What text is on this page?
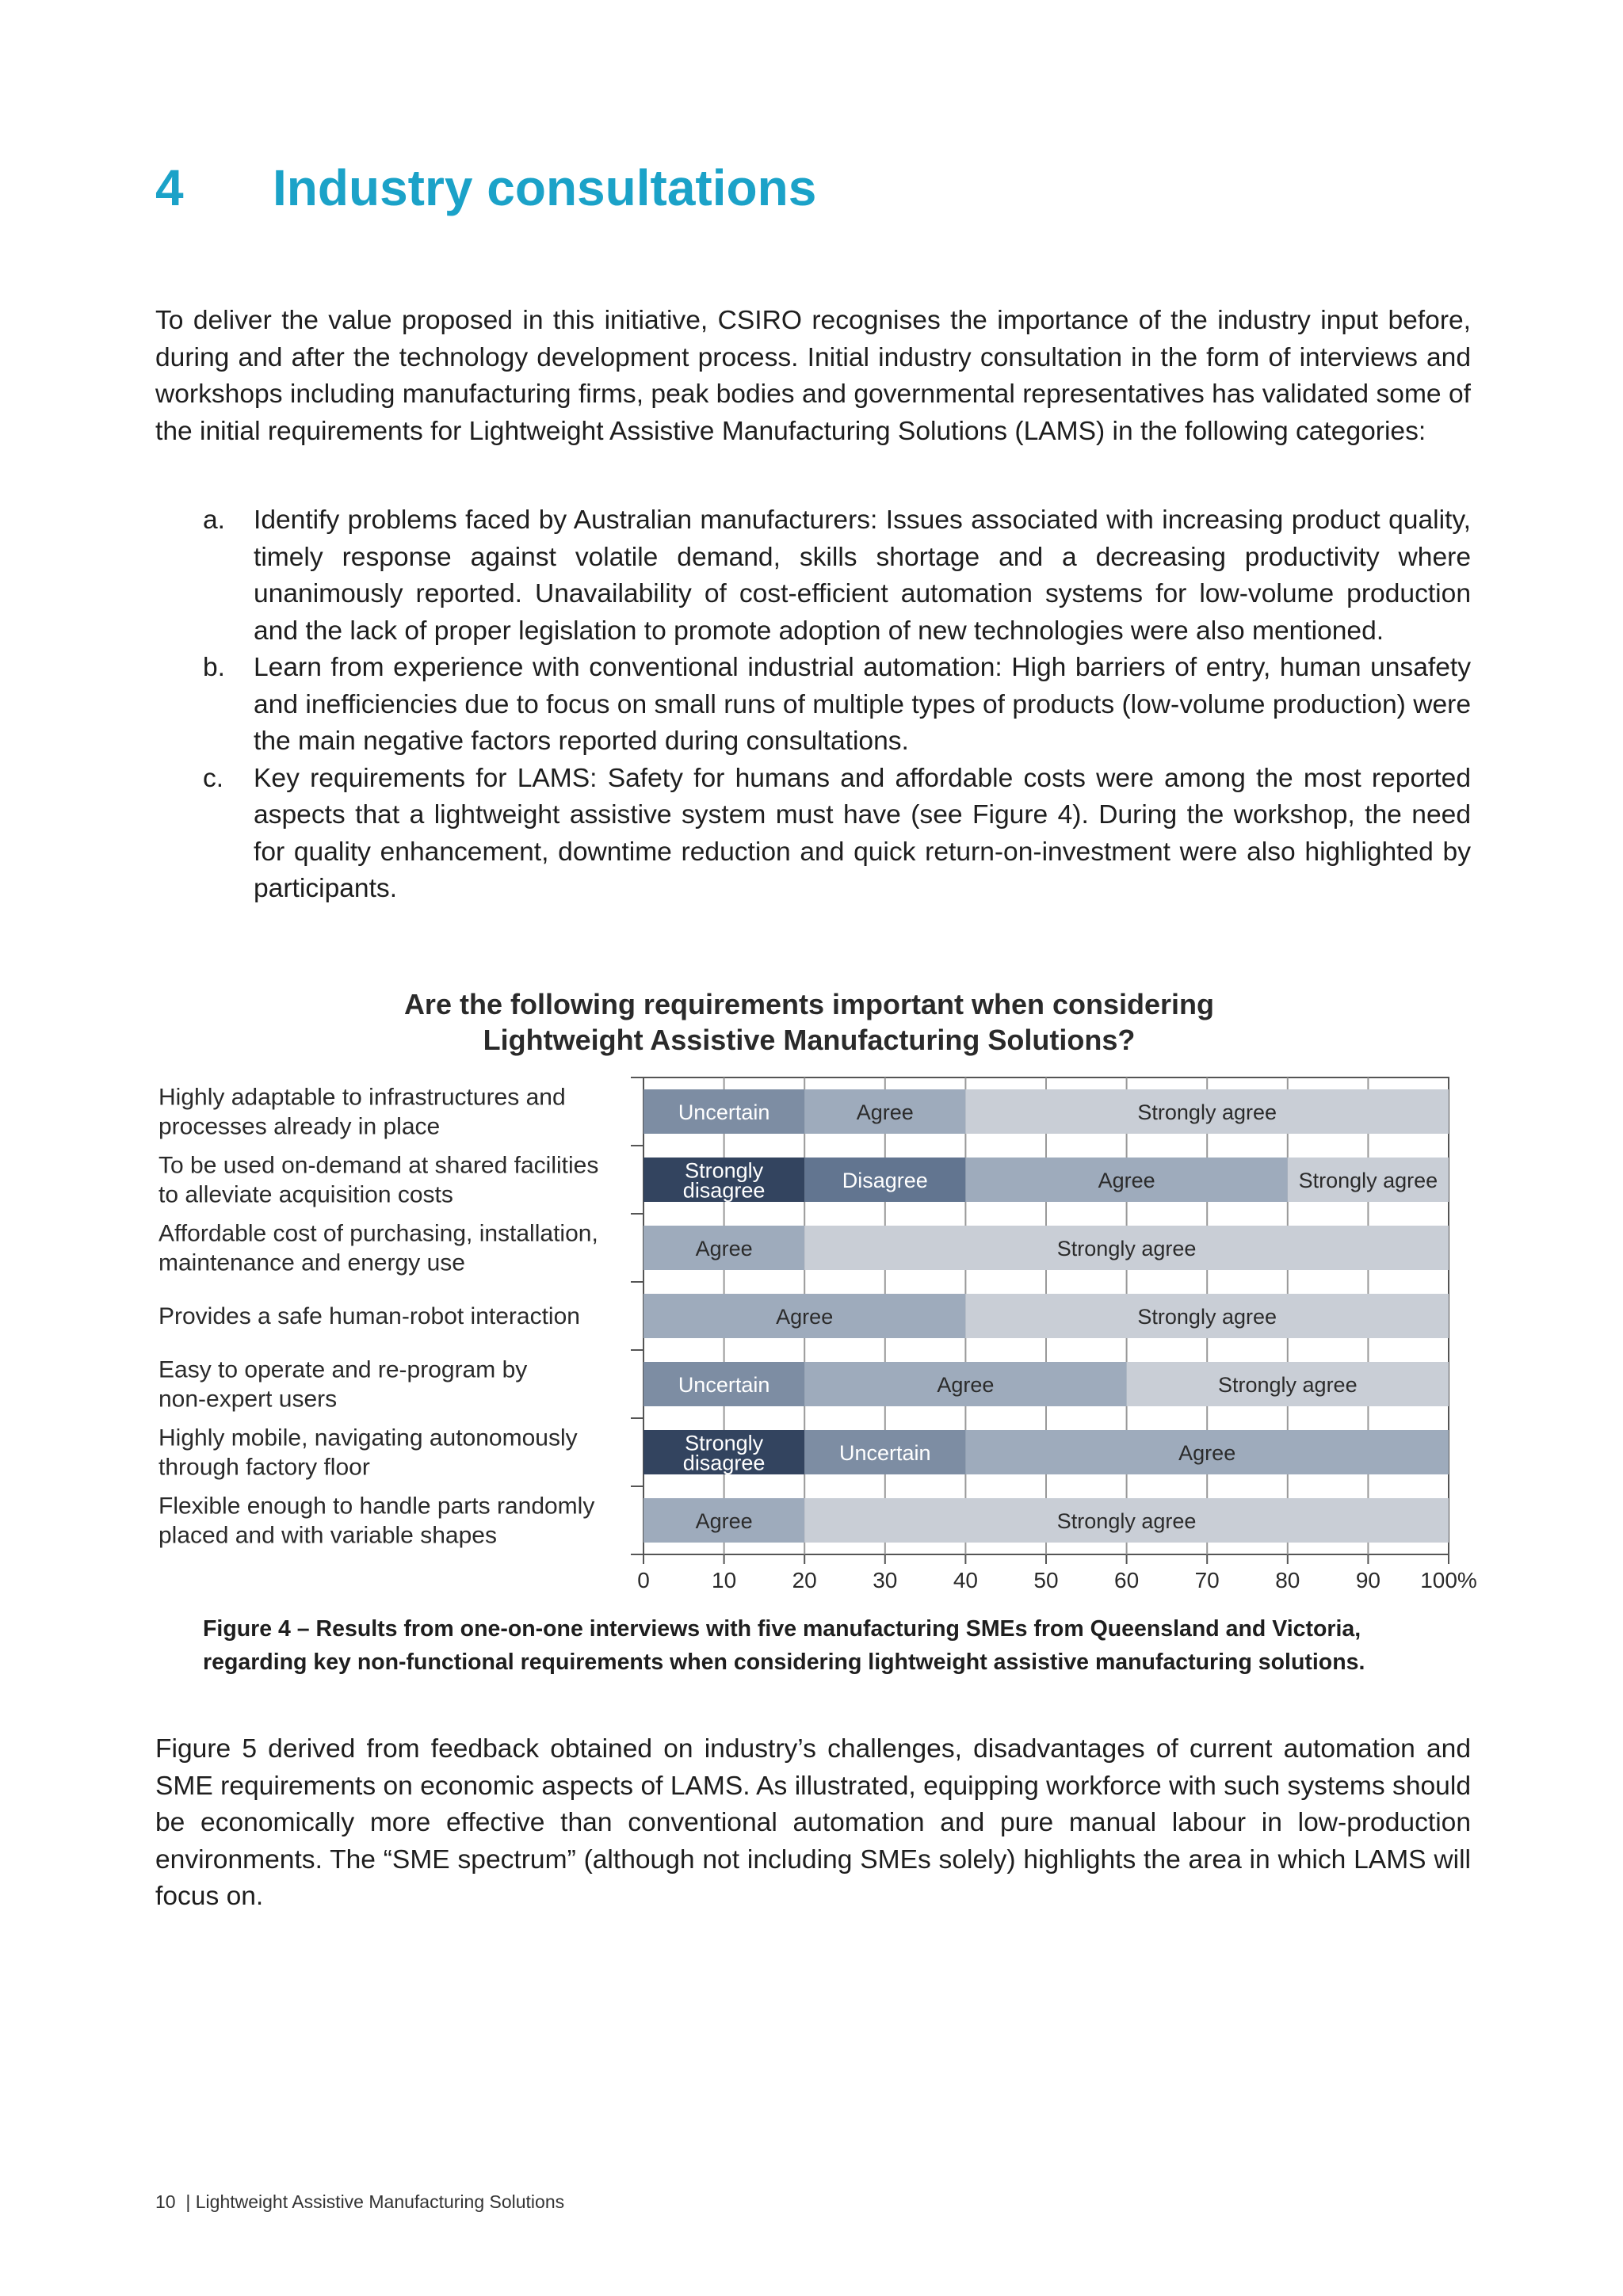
4	Industry consultations

To deliver the value proposed in this initiative, CSIRO recognises the importance of the industry input before, during and after the technology development process. Initial industry consultation in the form of interviews and workshops including manufacturing firms, peak bodies and governmental representatives has validated some of the initial requirements for Lightweight Assistive Manufacturing Solutions (LAMS) in the following categories:

a.	Identify problems faced by Australian manufacturers: Issues associated with increasing product quality, timely response against volatile demand, skills shortage and a decreasing productivity where unanimously reported. Unavailability of cost-efficient automation systems for low-volume production and the lack of proper legislation to promote adoption of new technologies were also mentioned.
b.	Learn from experience with conventional industrial automation: High barriers of entry, human unsafety and inefficiencies due to focus on small runs of multiple types of products (low-volume production) were the main negative factors reported during consultations.
c.	Key requirements for LAMS: Safety for humans and affordable costs were among the most reported aspects that a lightweight assistive system must have (see Figure 4). During the workshop, the need for quality enhancement, downtime reduction and quick return-on-investment were also highlighted by participants.
Are the following requirements important when considering
Lightweight Assistive Manufacturing Solutions?
Uncertain	Agree	Strongly agree
Strongly disagree	Disagree	Agree	Strongly agree
Agree	Strongly agree
Agree	Strongly agree
Uncertain	Agree	Strongly agree
Strongly disagree	Uncertain	Agree
Agree	Strongly agree
Highly adaptable to infrastructures and processes already in place
To be used on-demand at shared facilities to alleviate acquisition costs
Affordable cost of purchasing, installation, maintenance and energy use
Provides a safe human-robot interaction
Easy to operate and re-program by non-expert users
Highly mobile, navigating autonomously through factory floor
Flexible enough to handle parts randomly placed and with variable shapes
0	10	20	30	40	50	60	70	80	90 100%
Figure 4 – Results from one-on-one interviews with five manufacturing SMEs from Queensland and Victoria, regarding key non-functional requirements when considering lightweight assistive manufacturing solutions.

Figure 5 derived from feedback obtained on industry’s challenges, disadvantages of current automation and SME requirements on economic aspects of LAMS. As illustrated, equipping workforce with such systems should be economically more effective than conventional automation and pure manual labour in low-production environments. The “SME spectrum” (although not including SMEs solely) highlights the area in which LAMS will focus on.

10 | Lightweight Assistive Manufacturing Solutions
